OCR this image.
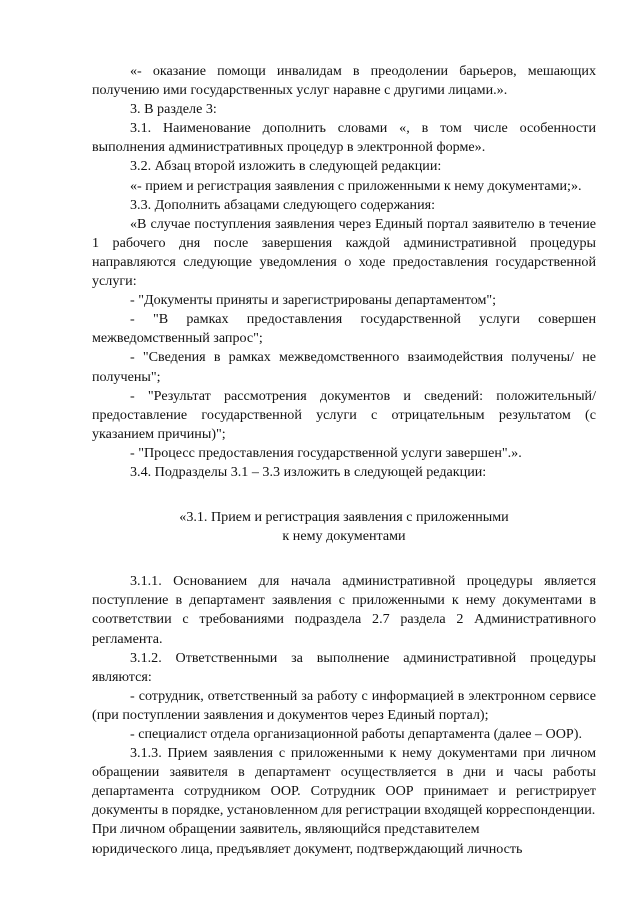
«- оказание помощи инвалидам в преодолении барьеров, мешающих получению ими государственных услуг наравне с другими лицами.».

3. В разделе 3:

3.1. Наименование дополнить словами «, в том числе особенности выполнения административных процедур в электронной форме».

3.2. Абзац второй изложить в следующей редакции:

«- прием и регистрация заявления с приложенными к нему документами;».

3.3. Дополнить абзацами следующего содержания:

«В случае поступления заявления через Единый портал заявителю в течение 1 рабочего дня после завершения каждой административной процедуры направляются следующие уведомления о ходе предоставления государственной услуги:

- "Документы приняты и зарегистрированы департаментом";

- "В рамках предоставления государственной услуги совершен межведомственный запрос";

- "Сведения в рамках межведомственного взаимодействия получены/ не получены";

- "Результат рассмотрения документов и сведений: положительный/ предоставление государственной услуги с отрицательным результатом (с указанием причины)";

- "Процесс предоставления государственной услуги завершен".».

3.4. Подразделы 3.1 – 3.3 изложить в следующей редакции:

«3.1. Прием и регистрация заявления с приложенными

к нему документами

3.1.1. Основанием для начала административной процедуры является поступление в департамент заявления с приложенными к нему документами в соответствии с требованиями подраздела 2.7 раздела 2 Административного регламента.

3.1.2. Ответственными за выполнение административной процедуры являются:

- сотрудник, ответственный за работу с информацией в электронном сервисе (при поступлении заявления и документов через Единый портал);

- специалист отдела организационной работы департамента (далее – ООР).

3.1.3. Прием заявления с приложенными к нему документами при личном обращении заявителя в департамент осуществляется в дни и часы работы департамента сотрудником ООР. Сотрудник ООР принимает и регистрирует документы в порядке, установленном для регистрации входящей корреспонденции.

При личном обращении заявитель, являющийся представителем

юридического лица, предъявляет документ, подтверждающий личность
